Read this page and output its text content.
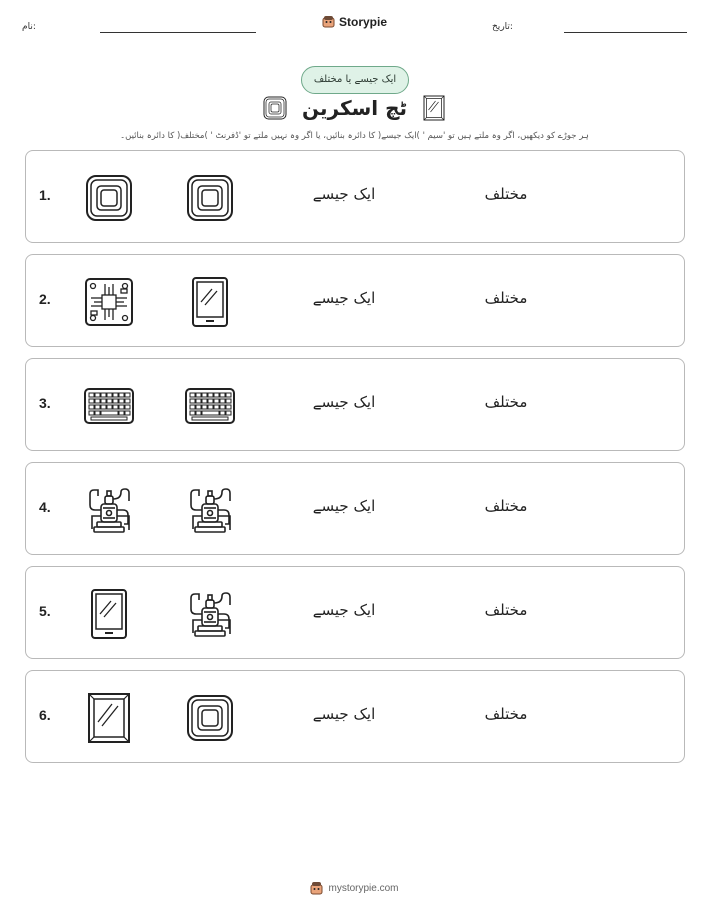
نام:	Storypie	تاریخ:
ایک جیسے یا مختلف
ٹچ اسکرین
ہر جوڑے کو دیکھیں، اگر وہ ملتے ہیں تو 'سیم ' )ایک جیسے( کا دائرہ بنائیں، یا اگر وہ نہیں ملتے تو 'ڈفرنٹ ' )مختلف( کا دائرہ بنائیں۔
1.	ایک جیسے	مختلف
2.	ایک جیسے	مختلف
3.	ایک جیسے	مختلف
4.	ایک جیسے	مختلف
5.	ایک جیسے	مختلف
6.	ایک جیسے	مختلف
mystorypie.com
